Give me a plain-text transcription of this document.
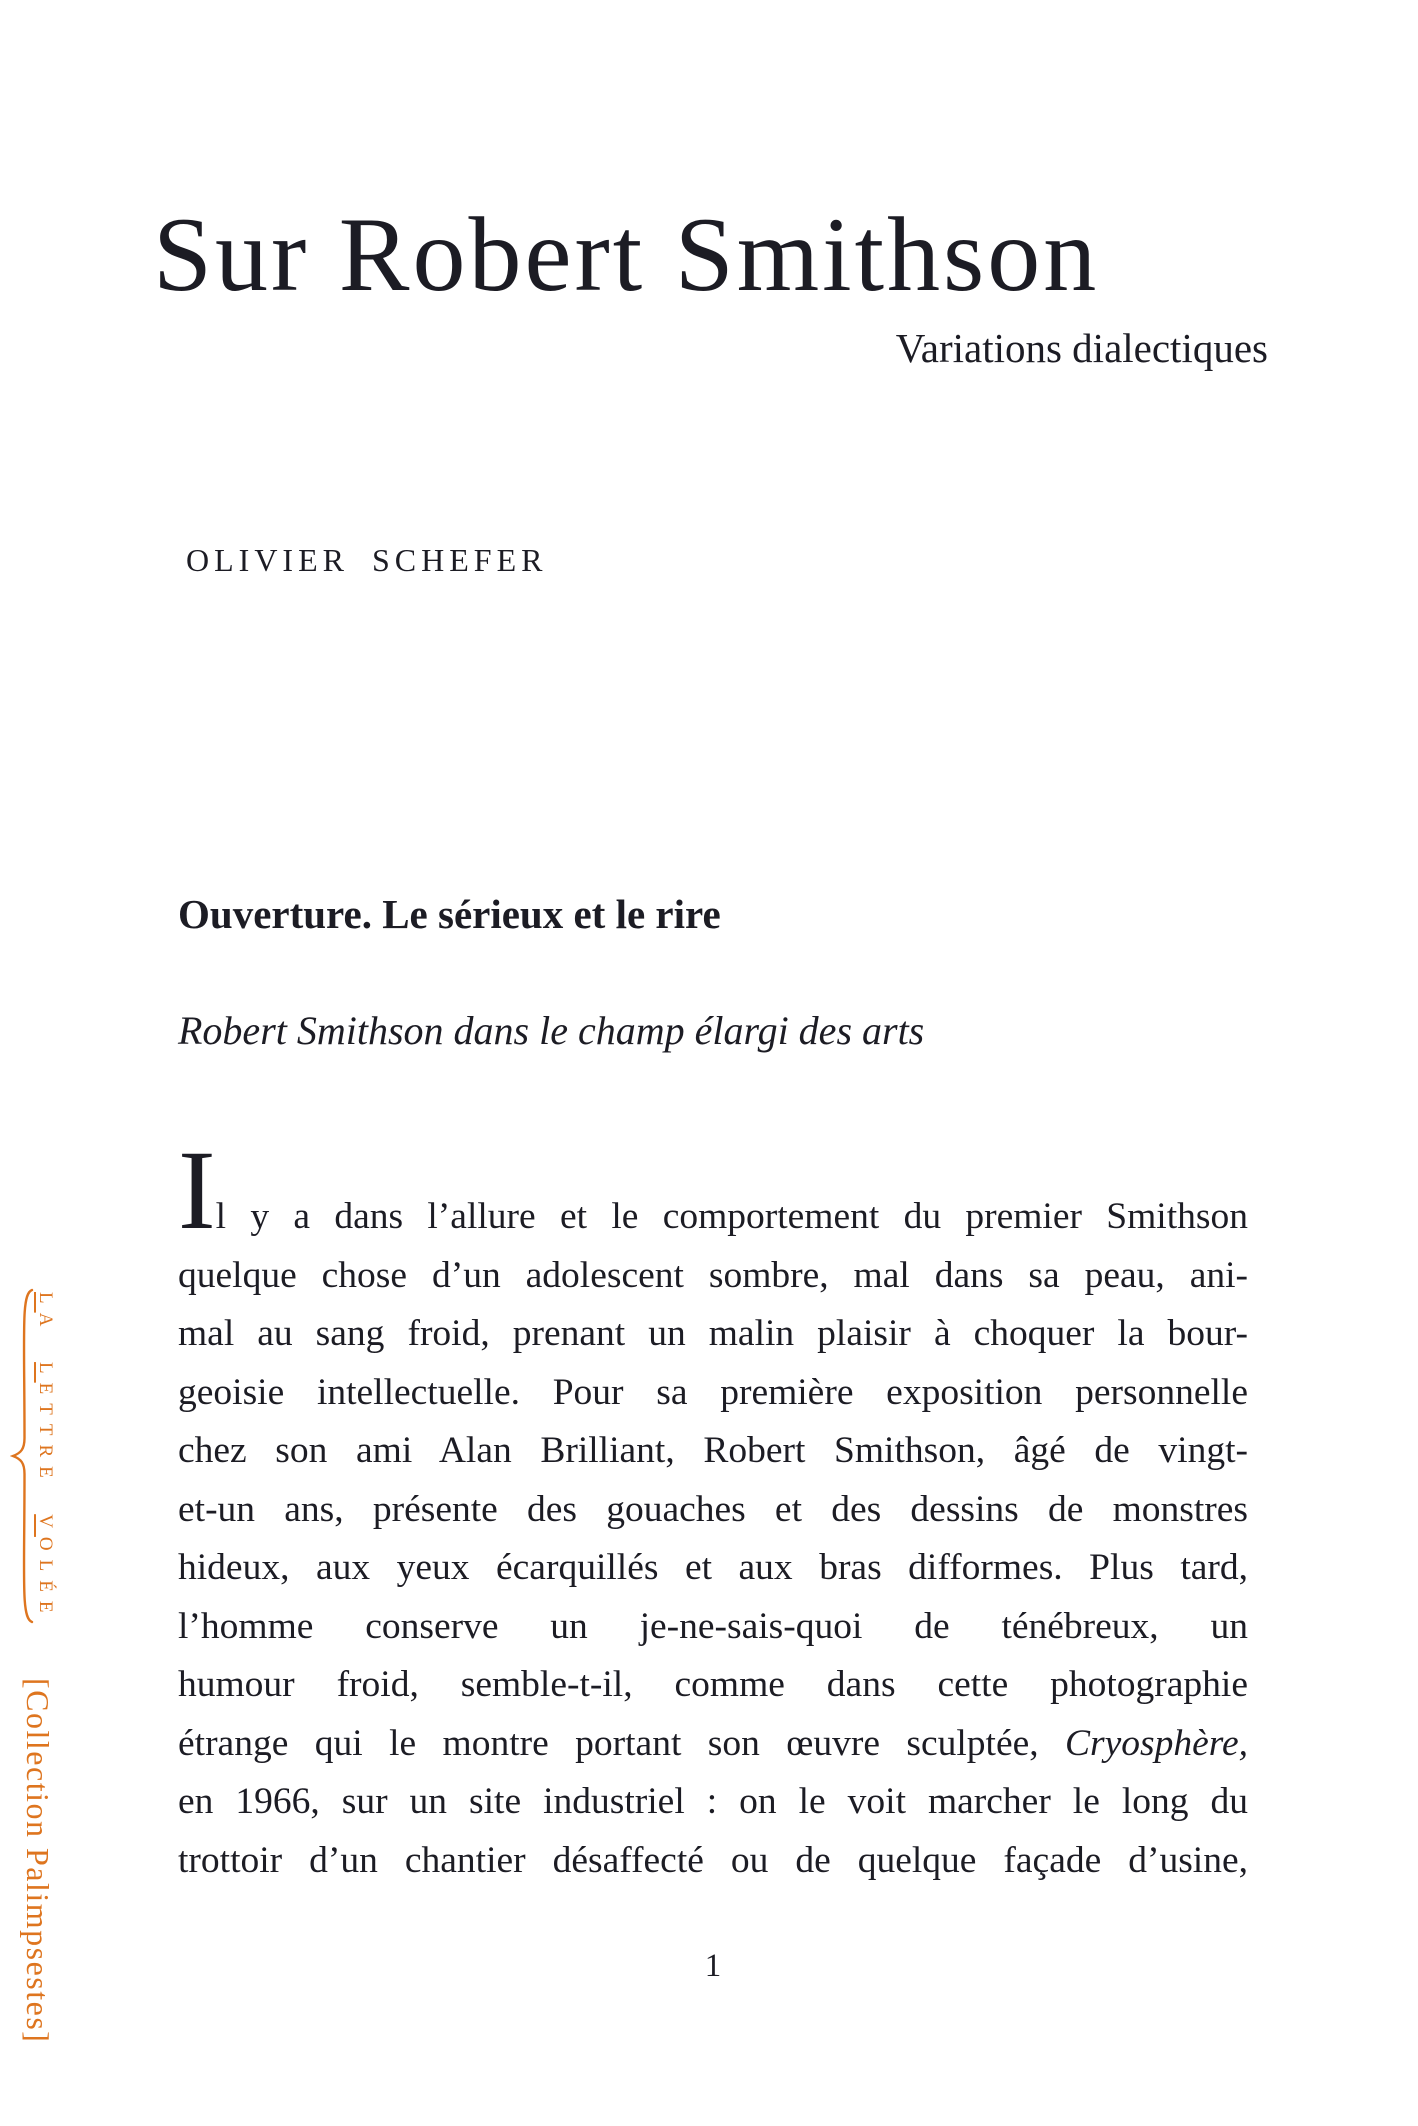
Sur Robert Smithson
Variations dialectiques
OLIVIER SCHEFER
Ouverture. Le sérieux et le rire
Robert Smithson dans le champ élargi des arts
Il y a dans l’allure et le comportement du premier Smithson
quelque chose d’un adolescent sombre, mal dans sa peau, ani-
mal au sang froid, prenant un malin plaisir à choquer la bour-
geoisie intellectuelle. Pour sa première exposition personnelle
chez son ami Alan Brilliant, Robert Smithson, âgé de vingt-
et-un ans, présente des gouaches et des dessins de monstres
hideux, aux yeux écarquillés et aux bras difformes. Plus tard,
l’homme conserve un je-ne-sais-quoi de ténébreux, un
humour froid, semble-t-il, comme dans cette photographie
étrange qui le montre portant son œuvre sculptée, Cryosphère,
en 1966, sur un site industriel : on le voit marcher le long du
trottoir d’un chantier désaffecté ou de quelque façade d’usine,
1
LA LETTRE VOLÉE
[Collection Palimpsestes]
